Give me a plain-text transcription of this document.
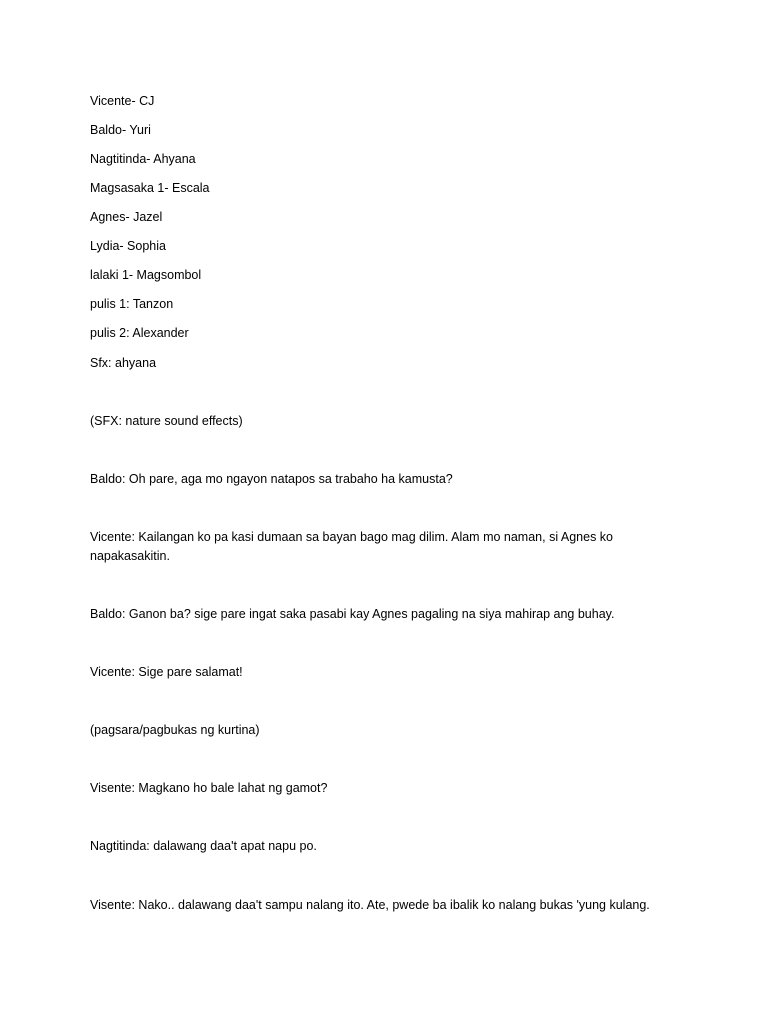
Vicente- CJ
Baldo- Yuri
Nagtitinda- Ahyana
Magsasaka 1- Escala
Agnes- Jazel
Lydia- Sophia
lalaki 1- Magsombol
pulis 1: Tanzon
pulis 2: Alexander
Sfx: ahyana
(SFX: nature sound effects)
Baldo: Oh pare, aga mo ngayon natapos sa trabaho ha kamusta?
Vicente: Kailangan ko pa kasi dumaan sa bayan bago mag dilim. Alam mo naman, si Agnes ko napakasakitin.
Baldo: Ganon ba? sige pare ingat saka pasabi kay Agnes pagaling na siya mahirap ang buhay.
Vicente: Sige pare salamat!
(pagsara/pagbukas ng kurtina)
Visente: Magkano ho bale lahat ng gamot?
Nagtitinda: dalawang daa't apat napu po.
Visente: Nako.. dalawang daa't sampu nalang ito. Ate, pwede ba ibalik ko nalang bukas 'yung kulang.
